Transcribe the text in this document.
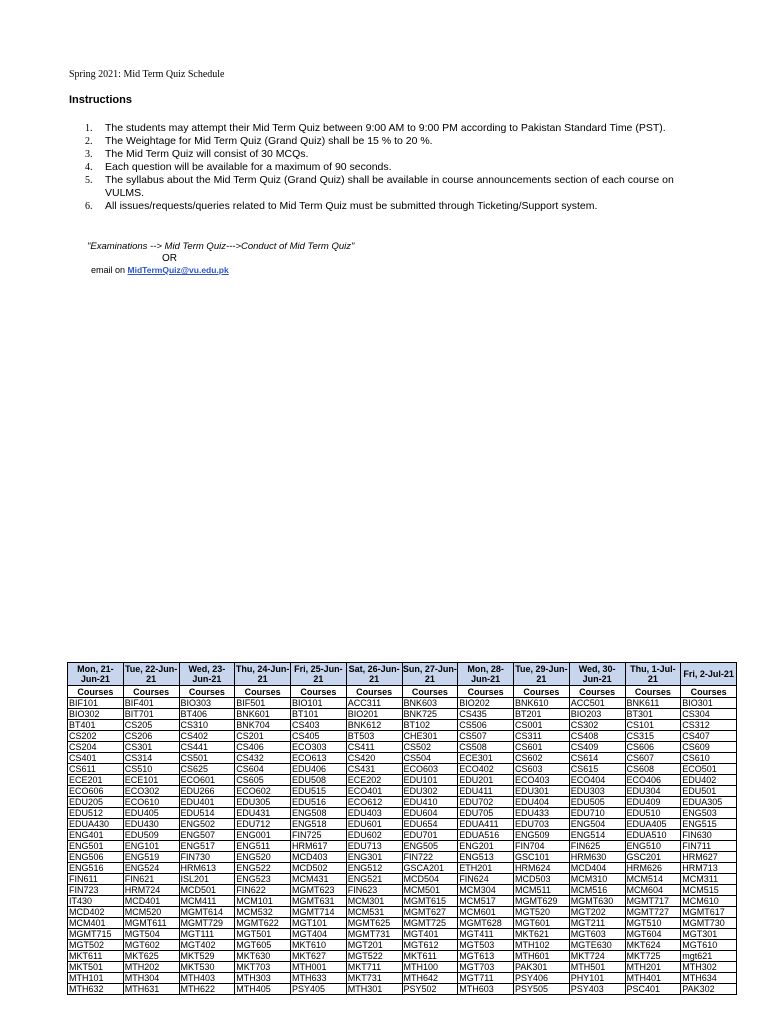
Spring 2021: Mid Term Quiz Schedule
Instructions
1. The students may attempt their Mid Term Quiz between 9:00 AM to 9:00 PM according to Pakistan Standard Time (PST).
2. The Weightage for Mid Term Quiz (Grand Quiz) shall be 15 % to 20 %.
3. The Mid Term Quiz will consist of 30 MCQs.
4. Each question will be available for a maximum of 90 seconds.
5. The syllabus about the Mid Term Quiz (Grand Quiz) shall be available in course announcements section of each course on VULMS.
6. All issues/requests/queries related to Mid Term Quiz must be submitted through Ticketing/Support system.
"Examinations --> Mid Term Quiz--->Conduct of Mid Term Quiz"
OR
email on MidTermQuiz@vu.edu.pk
Mon, 21-Jun-21	Tue, 22-Jun-21	Wed, 23-Jun-21	Thu, 24-Jun-21	Fri, 25-Jun-21	Sat, 26-Jun-21	Sun, 27-Jun-21	Mon, 28-Jun-21	Tue, 29-Jun-21	Wed, 30-Jun-21	Thu, 1-Jul-21	Fri, 2-Jul-21
Courses	Courses	Courses	Courses	Courses	Courses	Courses	Courses	Courses	Courses	Courses	Courses
BIF101	BIF401	BIO303	BIF501	BIO101	ACC311	BNK603	BIO202	BNK610	ACC501	BNK611	BIO301
BIO302	BIT701	BT406	BNK601	BT101	BIO201	BNK725	CS435	BT201	BIO203	BT301	CS304
BT401	CS205	CS310	BNK704	CS403	BNK612	BT102	CS506	CS001	CS302	CS101	CS312
CS202	CS206	CS402	CS201	CS405	BT503	CHE301	CS507	CS311	CS408	CS315	CS407
CS204	CS301	CS441	CS406	ECO303	CS411	CS502	CS508	CS601	CS409	CS606	CS609
CS401	CS314	CS501	CS432	ECO613	CS420	CS504	ECE301	CS602	CS614	CS607	CS610
CS611	CS510	CS625	CS604	EDU406	CS431	ECO603	ECO402	CS603	CS615	CS608	ECO501
ECE201	ECE101	ECO601	CS605	EDU508	ECE202	EDU101	EDU201	ECO403	ECO404	ECO406	EDU402
ECO606	ECO302	EDU266	ECO602	EDU515	ECO401	EDU302	EDU411	EDU301	EDU303	EDU304	EDU501
EDU205	ECO610	EDU401	EDU305	EDU516	ECO612	EDU410	EDU702	EDU404	EDU505	EDU409	EDUA305
EDU512	EDU405	EDU514	EDU431	ENG508	EDU403	EDU604	EDU705	EDU433	EDU710	EDU510	ENG503
EDUA430	EDU430	ENG502	EDU712	ENG518	EDU601	EDU654	EDUA411	EDU703	ENG504	EDUA405	ENG515
ENG401	EDU509	ENG507	ENG001	FIN725	EDU602	EDU701	EDUA516	ENG509	ENG514	EDUA510	FIN630
ENG501	ENG101	ENG517	ENG511	HRM617	EDU713	ENG505	ENG201	FIN704	FIN625	ENG510	FIN711
ENG506	ENG519	FIN730	ENG520	MCD403	ENG301	FIN722	ENG513	GSC101	HRM630	GSC201	HRM627
ENG516	ENG524	HRM613	ENG522	MCD502	ENG512	GSCA201	ETH201	HRM624	MCD404	HRM626	HRM713
FIN611	FIN621	ISL201	ENG523	MCM431	ENG521	MCD504	FIN624	MCD503	MCM310	MCM514	MCM311
FIN723	HRM724	MCD501	FIN622	MGMT623	FIN623	MCM501	MCM304	MCM511	MCM516	MCM604	MCM515
IT430	MCD401	MCM411	MCM101	MGMT631	MCM301	MGMT615	MCM517	MGMT629	MGMT630	MGMT717	MCM610
MCD402	MCM520	MGMT614	MCM532	MGMT714	MCM531	MGMT627	MCM601	MGT520	MGT202	MGMT727	MGMT617
MCM401	MGMT611	MGMT729	MGMT622	MGT101	MGMT625	MGMT725	MGMT628	MGT601	MGT211	MGT510	MGMT730
MGMT715	MGT504	MGT111	MGT501	MGT404	MGMT731	MGT401	MGT411	MKT621	MGT603	MGT604	MGT301
MGT502	MGT602	MGT402	MGT605	MKT610	MGT201	MGT612	MGT503	MTH102	MGTE630	MKT624	MGT610
MKT611	MKT625	MKT529	MKT630	MKT627	MGT522	MKT611	MGT613	MTH601	MKT724	MKT725	mgt621
MKT501	MTH202	MKT530	MKT703	MTH001	MKT711	MTH100	MGT703	PAK301	MTH501	MTH201	MTH302
MTH101	MTH304	MTH403	MTH303	MTH633	MKT731	MTH642	MGT711	PSY406	PHY101	MTH401	MTH634
MTH632	MTH631	MTH622	MTH405	PSY405	MTH301	PSY502	MTH603	PSY505	PSY403	PSC401	PAK302
